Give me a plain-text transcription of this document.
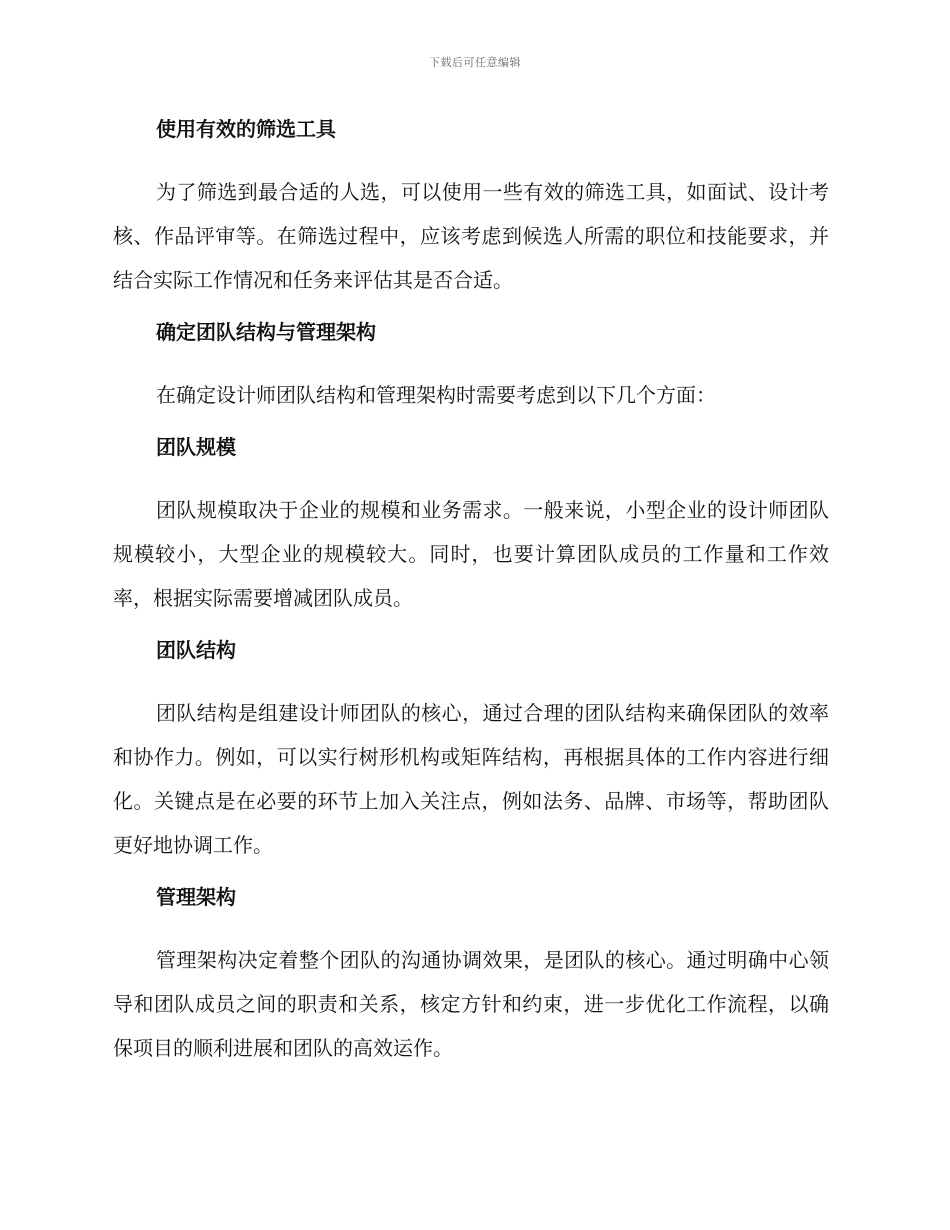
下载后可任意编辑
使用有效的筛选工具

为了筛选到最合适的人选，可以使用一些有效的筛选工具，如面试、设计考核、作品评审等。在筛选过程中，应该考虑到候选人所需的职位和技能要求，并结合实际工作情况和任务来评估其是否合适。

确定团队结构与管理架构

在确定设计师团队结构和管理架构时需要考虑到以下几个方面：

团队规模

团队规模取决于企业的规模和业务需求。一般来说，小型企业的设计师团队规模较小，大型企业的规模较大。同时，也要计算团队成员的工作量和工作效率，根据实际需要增减团队成员。

团队结构

团队结构是组建设计师团队的核心，通过合理的团队结构来确保团队的效率和协作力。例如，可以实行树形机构或矩阵结构，再根据具体的工作内容进行细化。关键点是在必要的环节上加入关注点，例如法务、品牌、市场等，帮助团队更好地协调工作。

管理架构

管理架构决定着整个团队的沟通协调效果，是团队的核心。通过明确中心领导和团队成员之间的职责和关系，核定方针和约束，进一步优化工作流程，以确保项目的顺利进展和团队的高效运作。
